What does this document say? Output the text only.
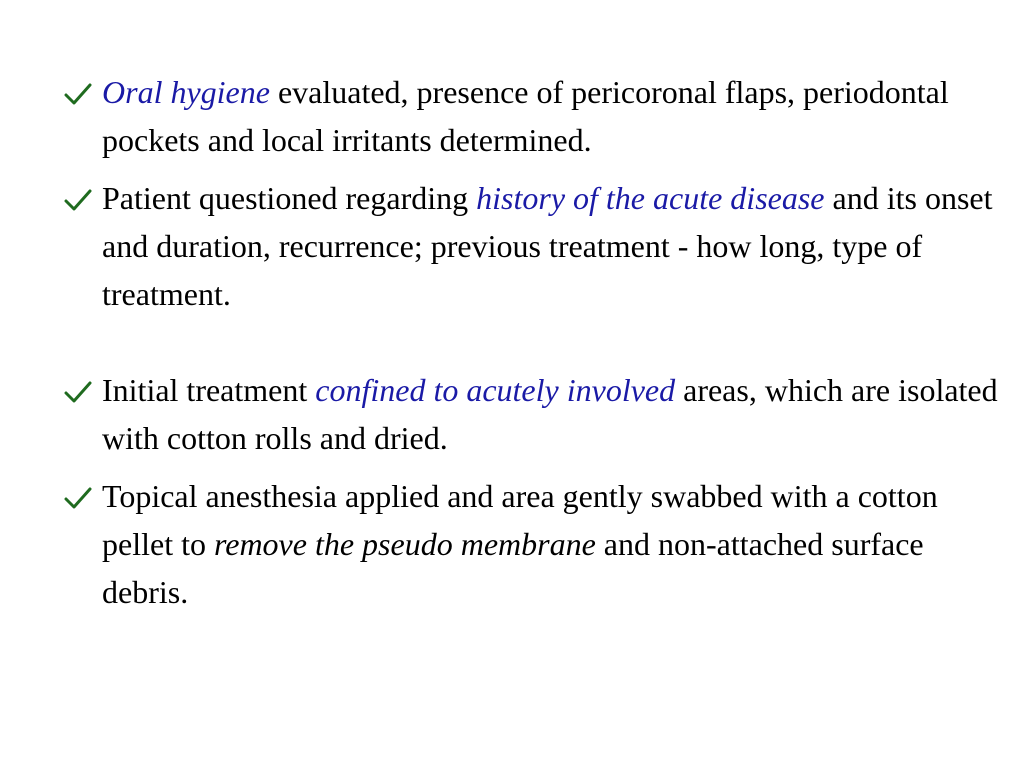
Oral hygiene evaluated, presence of pericoronal flaps, periodontal pockets and local irritants determined.
Patient questioned regarding history of the acute disease and its onset and duration, recurrence; previous treatment - how long, type of treatment.
Initial treatment confined to acutely involved areas, which are isolated with cotton rolls and dried.
Topical anesthesia applied and area gently swabbed with a cotton pellet to remove the pseudo membrane and non-attached surface debris.
